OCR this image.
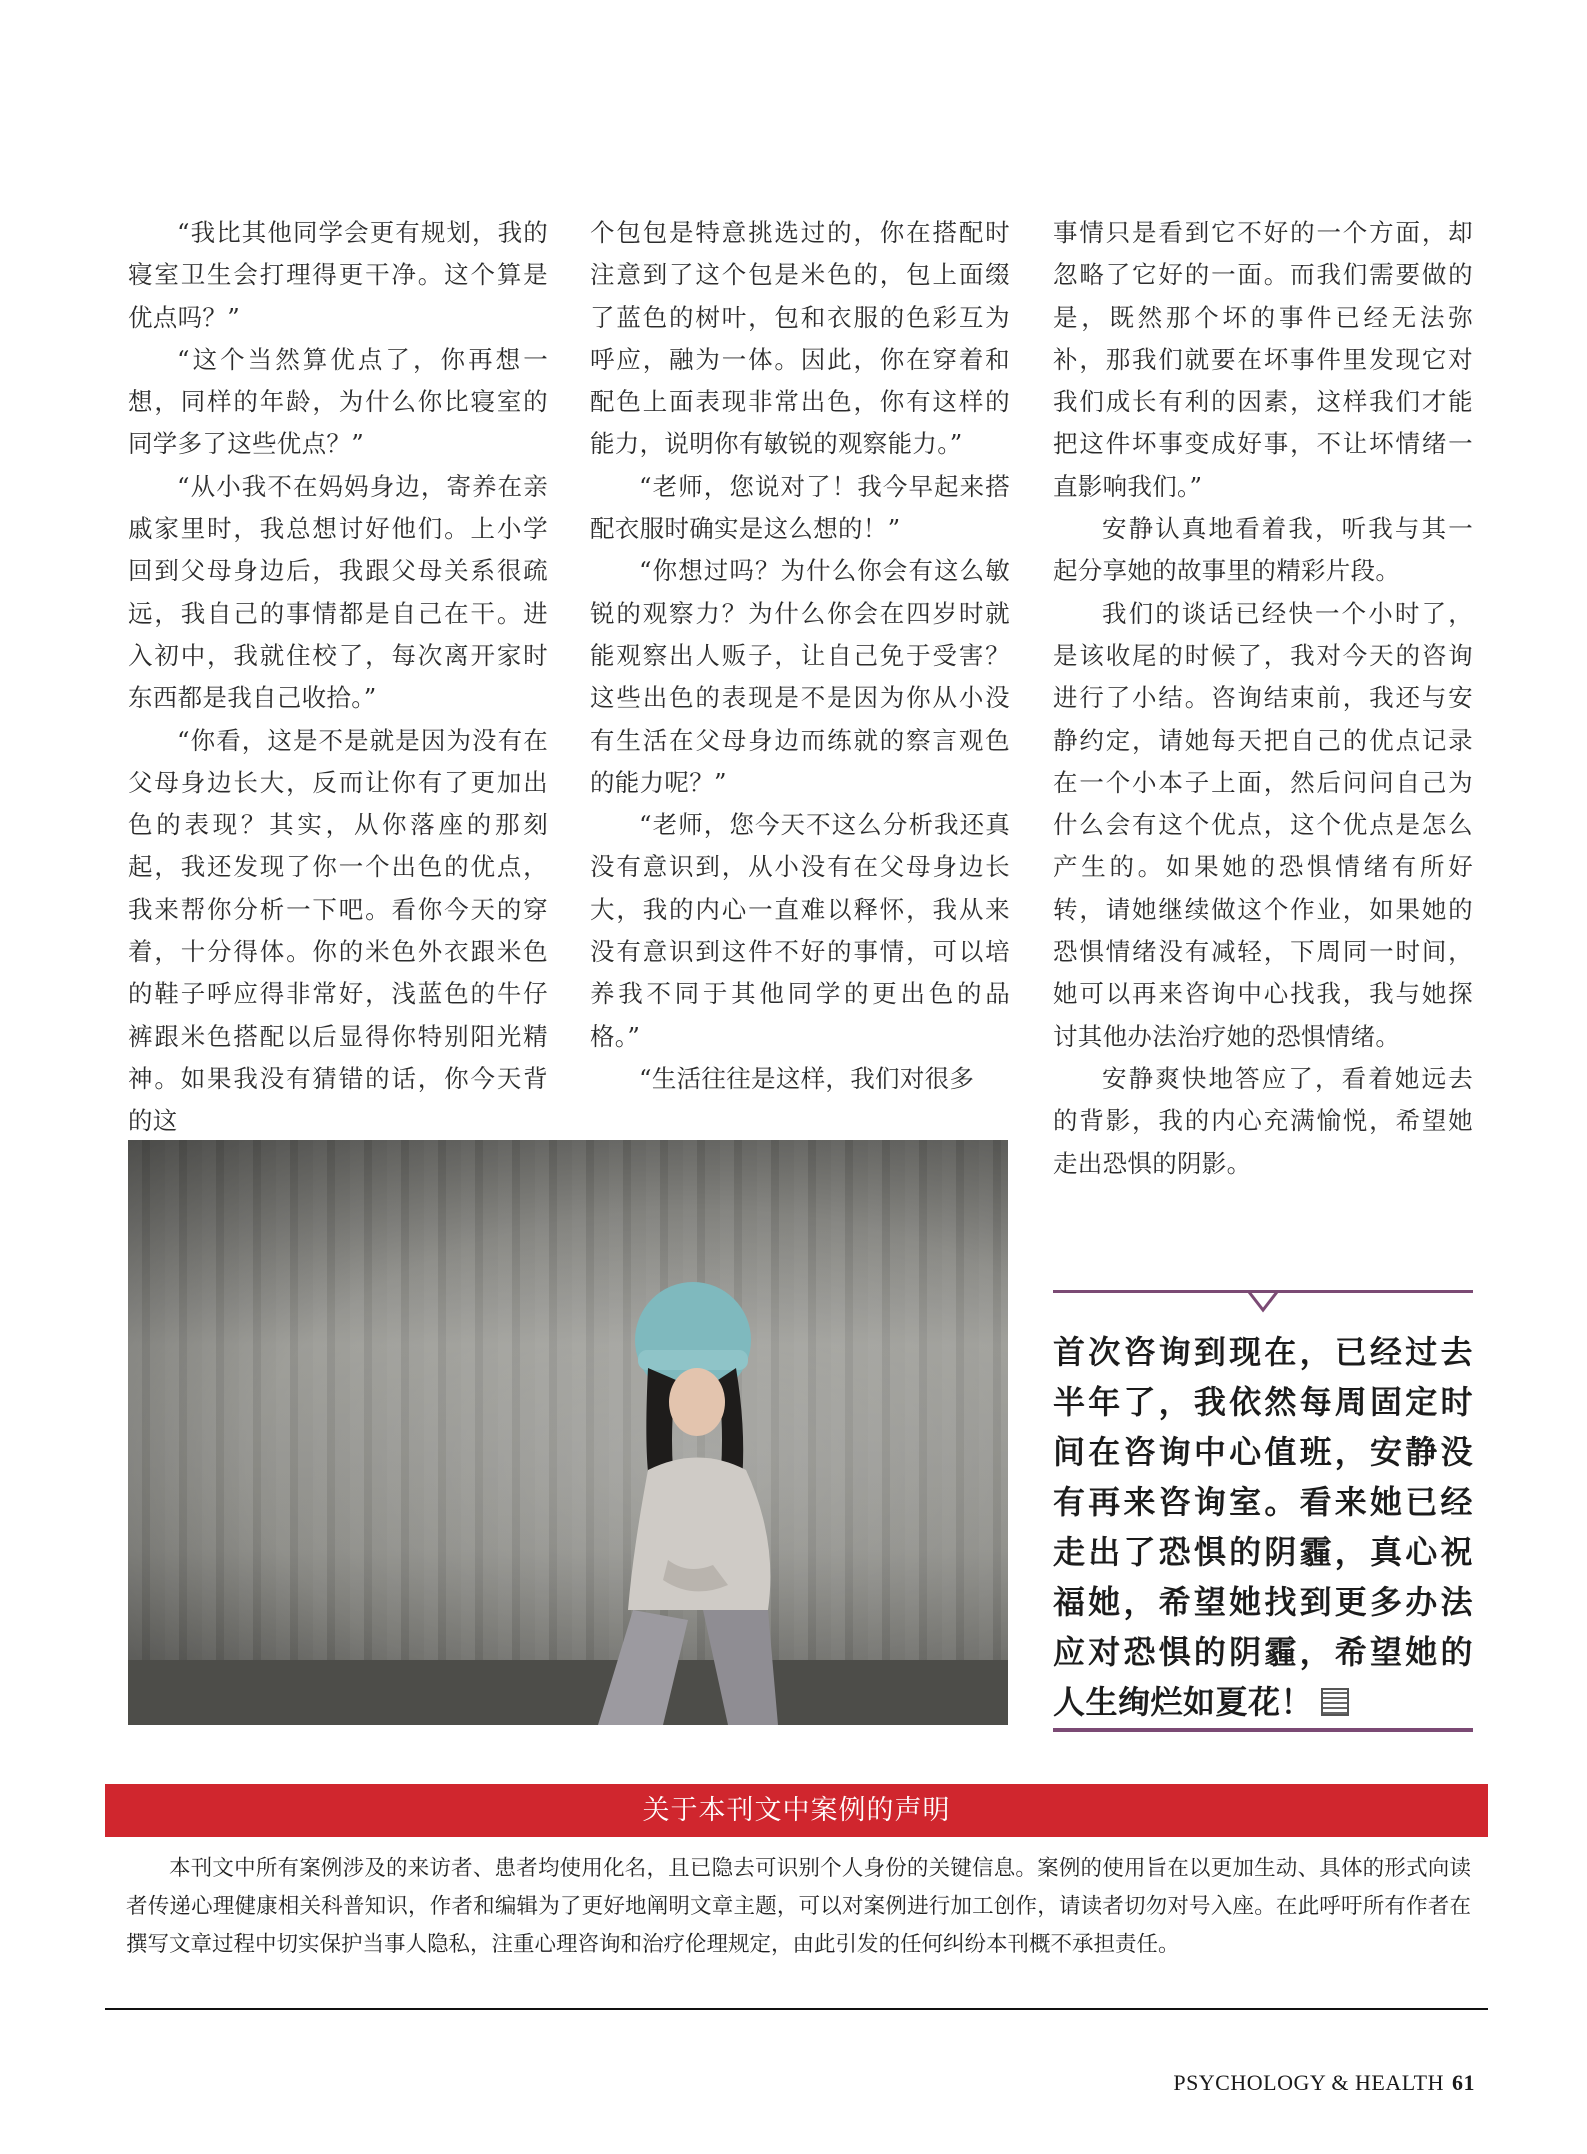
“我比其他同学会更有规划，我的寝室卫生会打理得更干净。这个算是优点吗？”

“这个当然算优点了，你再想一想，同样的年龄，为什么你比寝室的同学多了这些优点？”

“从小我不在妈妈身边，寄养在亲戚家里时，我总想讨好他们。上小学回到父母身边后，我跟父母关系很疏远，我自己的事情都是自己在干。进入初中，我就住校了，每次离开家时东西都是我自己收拾。”

“你看，这是不是就是因为没有在父母身边长大，反而让你有了更加出色的表现？其实，从你落座的那刻起，我还发现了你一个出色的优点，我来帮你分析一下吧。看你今天的穿着，十分得体。你的米色外衣跟米色的鞋子呼应得非常好，浅蓝色的牛仔裤跟米色搭配以后显得你特别阳光精神。如果我没有猜错的话，你今天背的这

个包包是特意挑选过的，你在搭配时注意到了这个包是米色的，包上面缀了蓝色的树叶，包和衣服的色彩互为呼应，融为一体。因此，你在穿着和配色上面表现非常出色，你有这样的能力，说明你有敏锐的观察能力。”

“老师，您说对了！我今早起来搭配衣服时确实是这么想的！”

“你想过吗？为什么你会有这么敏锐的观察力？为什么你会在四岁时就能观察出人贩子，让自己免于受害？这些出色的表现是不是因为你从小没有生活在父母身边而练就的察言观色的能力呢？”

“老师，您今天不这么分析我还真没有意识到，从小没有在父母身边长大，我的内心一直难以释怀，我从来没有意识到这件不好的事情，可以培养我不同于其他同学的更出色的品格。”

“生活往往是这样，我们对很多

事情只是看到它不好的一个方面，却忽略了它好的一面。而我们需要做的是，既然那个坏的事件已经无法弥补，那我们就要在坏事件里发现它对我们成长有利的因素，这样我们才能把这件坏事变成好事，不让坏情绪一直影响我们。”

安静认真地看着我，听我与其一起分享她的故事里的精彩片段。

我们的谈话已经快一个小时了，是该收尾的时候了，我对今天的咨询进行了小结。咨询结束前，我还与安静约定，请她每天把自己的优点记录在一个小本子上面，然后问问自己为什么会有这个优点，这个优点是怎么产生的。如果她的恐惧情绪有所好转，请她继续做这个作业，如果她的恐惧情绪没有减轻，下周同一时间，她可以再来咨询中心找我，我与她探讨其他办法治疗她的恐惧情绪。

安静爽快地答应了，看着她远去的背影，我的内心充满愉悦，希望她走出恐惧的阴影。

首次咨询到现在，已经过去半年了，我依然每周固定时间在咨询中心值班，安静没有再来咨询室。看来她已经走出了恐惧的阴霾，真心祝福她，希望她找到更多办法应对恐惧的阴霾，希望她的人生绚烂如夏花！
关于本刊文中案例的声明

本刊文中所有案例涉及的来访者、患者均使用化名，且已隐去可识别个人身份的关键信息。案例的使用旨在以更加生动、具体的形式向读者传递心理健康相关科普知识，作者和编辑为了更好地阐明文章主题，可以对案例进行加工创作，请读者切勿对号入座。在此呼吁所有作者在撰写文章过程中切实保护当事人隐私，注重心理咨询和治疗伦理规定，由此引发的任何纠纷本刊概不承担责任。

PSYCHOLOGY & HEALTH 61
